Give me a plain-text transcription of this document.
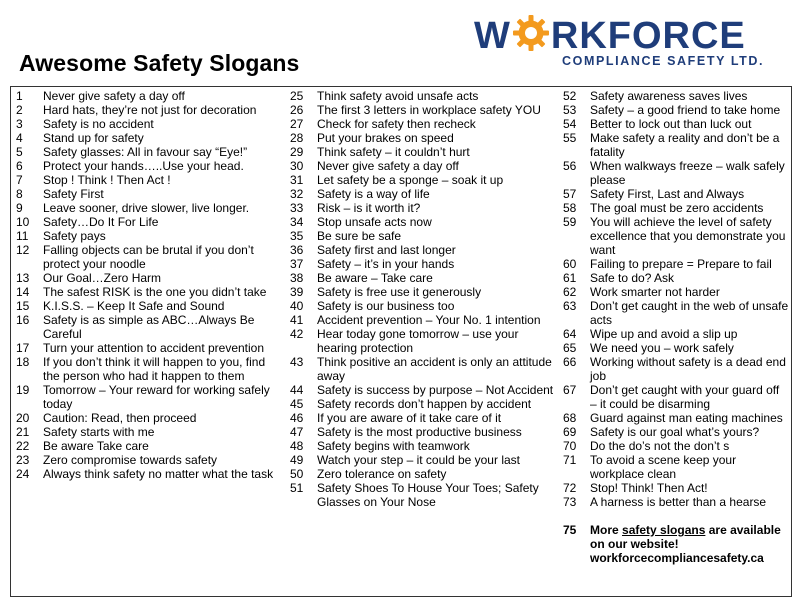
Awesome Safety Slogans
W RKFORCE
COMPLIANCE SAFETY LTD.
1	Never give safety a day off
2	Hard hats, they’re not just for decoration
3	Safety is no accident
4	Stand up for safety
5	Safety glasses: All in favour say “Eye!”
6	Protect your hands…..Use your head.
7	Stop ! Think ! Then Act !
8	Safety First
9	Leave sooner, drive slower, live longer.
10	Safety…Do It For Life
11	Safety pays
12	Falling objects can be brutal if you don’t protect your noodle
13	Our Goal…Zero Harm
14	The safest RISK is the one you didn’t take
15	K.I.S.S. – Keep It Safe and Sound
16	Safety is as simple as ABC…Always Be Careful
17	Turn your attention to accident prevention
18	If you don’t think it will happen to you, find the person who had it happen to them
19	Tomorrow – Your reward for working safely today
20	Caution: Read, then proceed
21	Safety starts with me
22	Be aware Take care
23	Zero compromise towards safety
24	Always think safety no matter what the task
25	Think safety avoid unsafe acts
26	The first 3 letters in workplace safety YOU
27	Check for safety then recheck
28	Put your brakes on speed
29	Think safety – it couldn’t hurt
30	Never give safety a day off
31	Let safety be a sponge – soak it up
32	Safety is a way of life
33	Risk – is it worth it?
34	Stop unsafe acts now
35	Be sure be safe
36	Safety first and last longer
37	Safety – it’s in your hands
38	Be aware – Take care
39	Safety is free use it generously
40	Safety is our business too
41	Accident prevention – Your No. 1 intention
42	Hear today gone tomorrow – use your hearing protection
43	Think positive an accident is only an attitude away
44	Safety is success by purpose – Not Accident
45	Safety records don’t happen by accident
46	If you are aware of it take care of it
47	Safety is the most productive business
48	Safety begins with teamwork
49	Watch your step – it could be your last
50	Zero tolerance on safety
51	Safety Shoes To House Your Toes; Safety Glasses on Your Nose
52	Safety awareness saves lives
53	Safety – a good friend to take home
54	Better to lock out than luck out
55	Make safety a reality and don’t be a fatality
56	When walkways freeze – walk safely please
57	Safety First, Last and Always
58	The goal must be zero accidents
59	You will achieve the level of safety excellence that you demonstrate you want
60	Failing to prepare = Prepare to fail
61	Safe to do? Ask
62	Work smarter not harder
63	Don’t get caught in the web of unsafe acts
64	Wipe up and avoid a slip up
65	We need you – work safely
66	Working without safety is a dead end job
67	Don’t get caught with your guard off – it could be disarming
68	Guard against man eating machines
69	Safety is our goal what’s yours?
70	Do the do’s not the don’t s
71	To avoid a scene keep your workplace clean
72	Stop! Think! Then Act!
73	A harness is better than a hearse
75	More safety slogans are available on our website!
workforcecompliancesafety.ca
